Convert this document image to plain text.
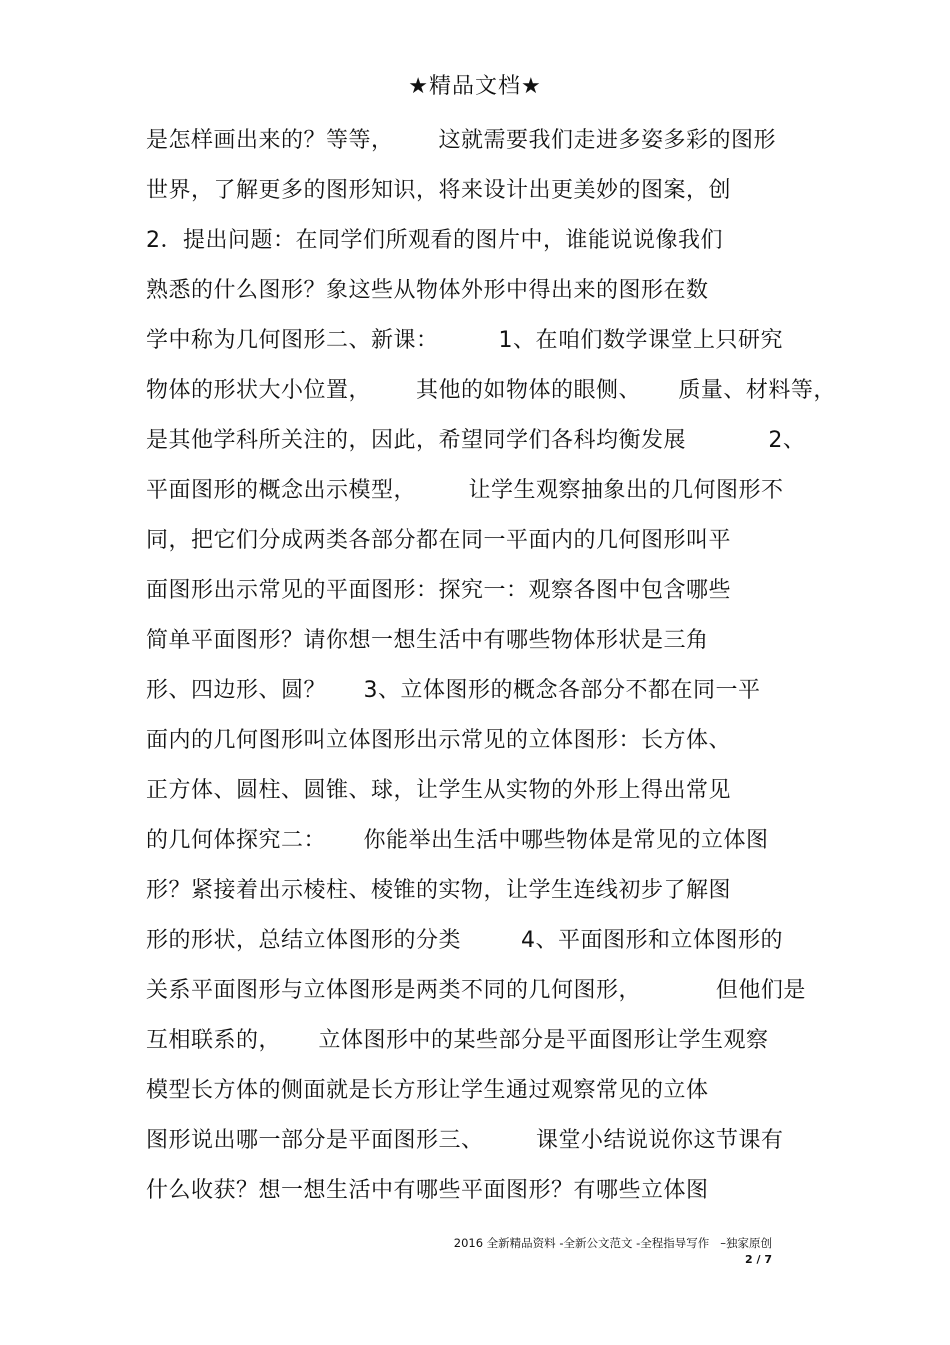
★精品文档★
是怎样画出来的？等等，      这就需要我们走进多姿多彩的图形
世界，了解更多的图形知识，将来设计出更美妙的图案，创
2．提出问题：在同学们所观看的图片中，谁能说说像我们
熟悉的什么图形？象这些从物体外形中得出来的图形在数
学中称为几何图形二、新课：        1、在咱们数学课堂上只研究
物体的形状大小位置，      其他的如物体的眼侧、     质量、材料等，
是其他学科所关注的，因此，希望同学们各科均衡发展           2、
平面图形的概念出示模型，       让学生观察抽象出的几何图形不
同，把它们分成两类各部分都在同一平面内的几何图形叫平
面图形出示常见的平面图形：探究一：观察各图中包含哪些
简单平面图形？请你想一想生活中有哪些物体形状是三角
形、四边形、圆？     3、立体图形的概念各部分不都在同一平
面内的几何图形叫立体图形出示常见的立体图形：长方体、
正方体、圆柱、圆锥、球，让学生从实物的外形上得出常见
的几何体探究二：     你能举出生活中哪些物体是常见的立体图
形？紧接着出示棱柱、棱锥的实物，让学生连线初步了解图
形的形状，总结立体图形的分类        4、平面图形和立体图形的
关系平面图形与立体图形是两类不同的几何图形，          但他们是
互相联系的，     立体图形中的某些部分是平面图形让学生观察
模型长方体的侧面就是长方形让学生通过观察常见的立体
图形说出哪一部分是平面图形三、       课堂小结说说你这节课有
什么收获？想一想生活中有哪些平面图形？有哪些立体图
2016 全新精品资料 -全新公文范文 -全程指导写作   –独家原创
2 / 7
